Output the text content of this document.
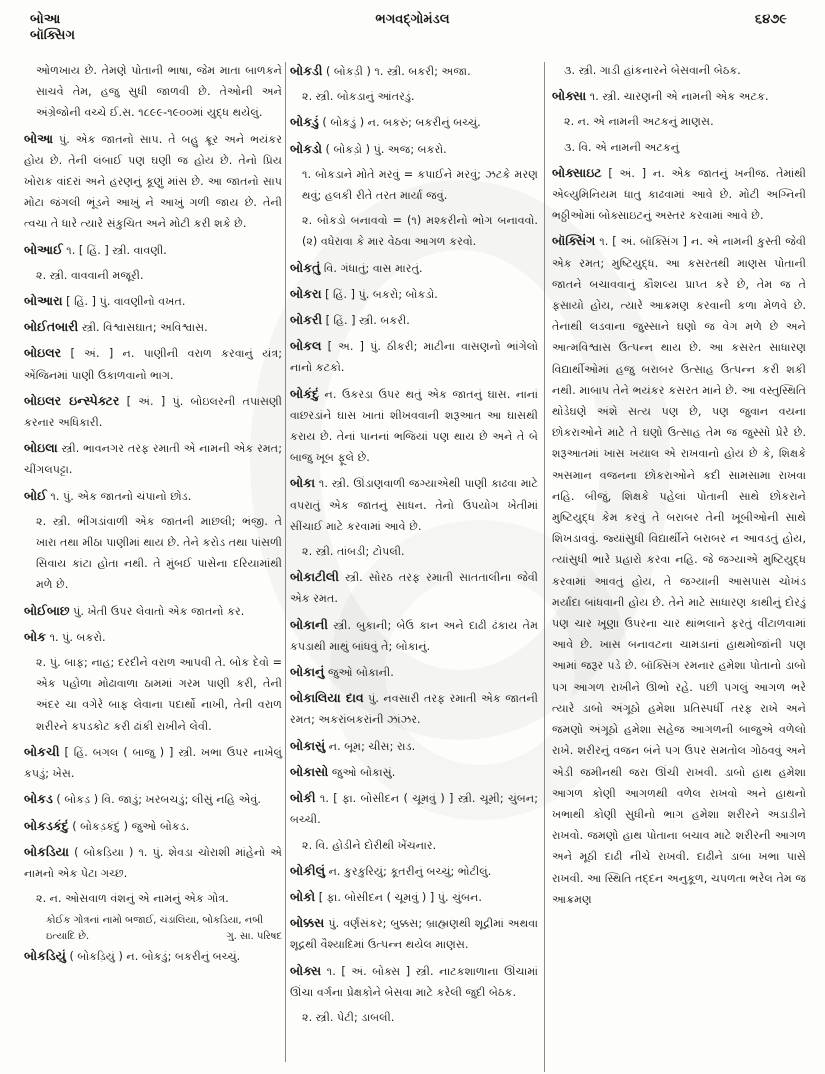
બોઆ
બૉક્સિગ
ભગવદ્ગોમંડલ	૬૪૭૯
ઓળખાય છે. તેમણે પોતાની ભાષા, જેમ માતા બાળકને સાચવે તેમ, હજુ સુધી જાળવી છે. તેઓની અને અંગ્રેજોની વચ્ચે ઈ.સ. ૧૮૯૯-૧૯૦૦માં યુદ્ધ થયેલું.
બોઆ પું. એક જાતનો સાપ. તે બહુ ક્રૂર અને ભયંકર હોય છે. તેની લંબાઈ પણ ઘણી જ હોય છે. તેનો પ્રિય ખોરાક વાંદરાં અને હરણનું કૂણું માંસ છે. આ જાતનો સાપ મોટા જંગલી ભૂંડને આખું ને આખું ગળી જાય છે. તેની ત્વચા તે ધારે ત્યારે સંકુચિત અને મોટી કરી શકે છે.
બોઆઈ ૧. [ હિં. ] સ્ત્રી. વાવણી.
૨. સ્ત્રી. વાવવાની મજૂરી.
બોઆરા [ હિં. ] પું. વાવણીનો વખત.
બોઈતબારી સ્ત્રી. વિશ્વાસઘાત; અવિશ્વાસ.
બોઇલર [ અં. ] ન. પાણીની વરાળ કરવાનું યંત્ર; એંજિનમાં પાણી ઉકાળવાનો ભાગ.
બોઇલર ઇન્સ્પેક્ટર [ અં. ] પું. બોઇલરની તપાસણી કરનાર અધિકારી.
બોઇલા સ્ત્રી. ભાવનગર તરફ રમાતી એ નામની એક રમત; ચીંગલપટ્ટા.
બોઈ ૧. પું. એક જાતનો ચંપાનો છોડ.
૨. સ્ત્રી. ભીંગડાંવાળી એક જાતની માછલી; ભંજી. તે ખારા તથા મીઠા પાણીમાં થાય છે. તેને કરોડ તથા પાંસળી સિવાય કાંટા હોતા નથી. તે મુંબઈ પાસેના દરિયામાંથી મળે છે.
બોઈબાછ પું. ખેતી ઉપર લેવાતો એક જાતનો કર.
બોક ૧. પું. બકરો.
૨. પું. બાફ; નાહ; દરદીને વરાળ આપવી તે. બોક દેવો = એક પહોળા મોઢાવાળા ઠામમાં ગરમ પાણી કરી, તેની અંદર ચા વગેરે બાફ લેવાના પદાર્થો નાખી, તેની વરાળ શરીરને કપડકોટ કરી ઢાંકી રાખીને લેવી.
બોકચી [ હિં. બગલ ( બાજુ ) ] સ્ત્રી. ખભા ઉપર નાખેલું કપડું; ખેસ.
બોકડ ( બોકડ઼ ) વિ. જાડું; ખરબચડું; લીસું નહિ એવું.
બોકડકંદું ( બોકડ઼કંદું ) જુઓ બોકડ.
બોકડિયા ( બોકડ઼િયા ) ૧. પું. શેવડા ચોરાશી માંહેનો એ નામનો એક પેટા ગચ્છ.
૨. ન. ઓસવાળ વંશનું એ નામનું એક ગોત્ર.
કોઈક ગોત્રનાં નામો બજાઈ, ચંડાલિયા, બોકડિયા, નબી ઇત્યાદિ છે.	ગુ. સા. પરિષદ
બોકડિયું ( બોકડ઼િયું ) ન. બોકડું; બકરીનું બચ્ચું.
બોકડી ( બોકડ઼ી ) ૧. સ્ત્રી. બકરી; અજા.
૨. સ્ત્રી. બોકડાનું આંતરડું.
બોકડું ( બોકડ઼ું ) ન. બકરું; બકરીનું બચ્ચું.
બોકડો ( બોકડ઼ો ) પું. અજ; બકરો.
૧. બોકડાને મોતે મરવું = કપાઈને મરવું; ઝટકે મરણ થવું; હલકી રીતે તરત માર્યા જવું.
૨. બોકડો બનાવવો = (૧) મશ્કરીનો ભોગ બનાવવો. (૨) વધેરાવા કે માર વેઠવા આગળ કરવો.
બોકતું વિ. ગંધાતું; વાસ મારતું.
બોકરા [ હિં. ] પું. બકરો; બોકડો.
બોકરી [ હિં. ] સ્ત્રી. બકરી.
બોકલ [ અ. ] પું. ઠીકરી; માટીના વાસણનો ભાંગેલો નાનો કટકો.
બોકંદું ન. ઉકરડા ઉપર થતું એક જાતનું ઘાસ. નાનાં વાછરડાંને ઘાસ ખાતાં શીખવવાની શરૂઆત આ ઘાસથી કરાય છે. તેનાં પાનનાં ભજિયાં પણ થાય છે અને તે બે બાજુ ખૂબ ફૂલે છે.
બોકા ૧. સ્ત્રી. ઊંડાણવાળી જગ્યાએથી પાણી કાઢવા માટે વપરાતું એક જાતનું સાધન. તેનો ઉપયોગ ખેતીમાં સીંચાઈ માટે કરવામાં આવે છે.
૨. સ્ત્રી. તાંબડી; ટોપલી.
બોકાટીલી સ્ત્રી. સોરઠ તરફ રમાતી સાતતાલીના જેવી એક રમત.
બોકાની સ્ત્રી. બુકાની; બેઉ કાન અને દાઢી ઢંકાય તેમ કપડાથી માથું બાંધવું તે; બોકાનું.
બોકાનું જુઓ બોકાની.
બોકાલિયા દાવ પું. નવસારી તરફ રમાતી એક જાતની રમત; અકરાંબકરાંની ઝાંઝર.
બોકાસું ન. બૂમ; ચીસ; રાડ.
બોકાસો જુઓ બોકાસું.
બોકી ૧. [ ફા. બોસીદન ( ચૂમવું ) ] સ્ત્રી. ચૂમી; ચુંબન; બચ્ચી.
૨. વિ. હોડીને દોરીથી ખેંચનાર.
બોકીલું ન. કુરકુરિયું; કૂતરીનું બચ્ચું; ભોટીલું.
બોકો [ ફા. બોસીદન ( ચૂમવું ) ] પું. ચુંબન.
બોક્કસ પું. વર્ણસંકર; બુક્કસ; બ્રાહ્મણથી શૂદ્રીમાં અથવા શૂદ્રથી વૈશ્યાદિમાં ઉત્પન્ન થયેલ માણસ.
બોક્સ ૧. [ અં. બોક્સ ] સ્ત્રી. નાટકશાળાના ઊંચામાં ઊંચા વર્ગના પ્રેક્ષકોને બેસવા માટે કરેલી જુદી બેઠક.
૨. સ્ત્રી. પેટી; ડાબલી.
૩. સ્ત્રી. ગાડી હાંકનારને બેસવાની બેઠક.
બોક્સા ૧. સ્ત્રી. ચારણની એ નામની એક અટક.
૨. ન. એ નામની અટકનું માણસ.
૩. વિ. એ નામની અટકનું
બોક્સાઇટ [ અં. ] ન. એક જાતનું ખનીજ. તેમાંથી એલ્યુમિનિયમ ધાતુ કાઢવામાં આવે છે. મોટી અગ્નિની ભઠ્ઠીઓમાં બોક્સાઇટનું અસ્તર કરવામાં આવે છે.
બૉક્સિંગ ૧. [ અં. બૉક્સિંગ ] ન. એ નામની કુસ્તી જેવી એક રમત; મુષ્ટિયુદ્ધ. આ કસરતથી માણસ પોતાની જાતને બચાવવાનું કૌશલ્ય પ્રાપ્ત કરે છે, તેમ જ તે ફસાયો હોય, ત્યારે આક્રમણ કરવાની કળા મેળવે છે. તેનાથી લડવાના જુસ્સાને ઘણો જ વેગ મળે છે અને આત્મવિશ્વાસ ઉત્પન્ન થાય છે. આ કસરત સાધારણ વિદ્યાર્થીઓમાં હજુ બરાબર ઉત્સાહ ઉત્પન્ન કરી શકી નથી. માબાપ તેને ભયંકર કસરત માને છે. આ વસ્તુસ્થિતિ થોડેઘણે અંશે સત્ય પણ છે, પણ જુવાન વયના છોકરાઓને માટે તે ઘણો ઉત્સાહ તેમ જ જુસ્સો પ્રેરે છે. શરૂઆતમાં ખાસ ખયાલ એ રાખવાનો હોય છે કે, શિક્ષકે અસમાન વજનના છોકરાઓને કદી સામસામા રાખવા નહિ. બીજું, શિક્ષકે પહેલાં પોતાની સાથે છોકરાને મુષ્ટિયુદ્ધ કેમ કરવું તે બરાબર તેની ખૂબીઓની સાથે શિખડાવવું. જ્યાંસુધી વિદ્યાર્થીને બરાબર ન આવડતું હોય, ત્યાંસુધી ભારે પ્રહારો કરવા નહિ. જે જગ્યાએ મુષ્ટિયુદ્ધ કરવામાં આવતું હોય, તે જગ્યાની આસપાસ ચોખંડ મર્યાદા બાંધવાની હોય છે. તેને માટે સાધારણ કાથીનું દોરડું પણ ચાર ખૂણા ઉપરના ચાર થાંભલાને ફરતું વીંટાળવામાં આવે છે. ખાસ બનાવટના ચામડાનાં હાથમોજાંની પણ આમાં જરૂર પડે છે. બૉક્સિંગ રમનાર હમેશા પોતાનો ડાબો પગ આગળ રાખીને ઊભો રહે. પછી પગલું આગળ ભરે ત્યારે ડાબો અંગૂઠો હમેશા પ્રતિસ્પર્ધી તરફ રાખે અને જમણો અંગૂઠો હમેશા સહેજ આગળની બાજુએ વળેલો રાખે. શરીરનું વજન બંને પગ ઉપર સમતોલ ગોઠવવું અને એડી જમીનથી જરા ઊંચી રાખવી. ડાબો હાથ હમેશા આગળ કોણી આગળથી વળેલ રાખવો અને હાથનો ખભાથી કોણી સુધીનો ભાગ હમેશા શરીરને અડાડીને રાખવો. જમણો હાથ પોતાના બચાવ માટે શરીરની આગળ અને મૂઠી દાઢી નીચે રાખવી. દાઢીને ડાબા ખભા પાસે રાખવી. આ સ્થિતિ તદ્દન અનુકૂળ, ચપળતા ભરેલ તેમ જ આક્રમણ
